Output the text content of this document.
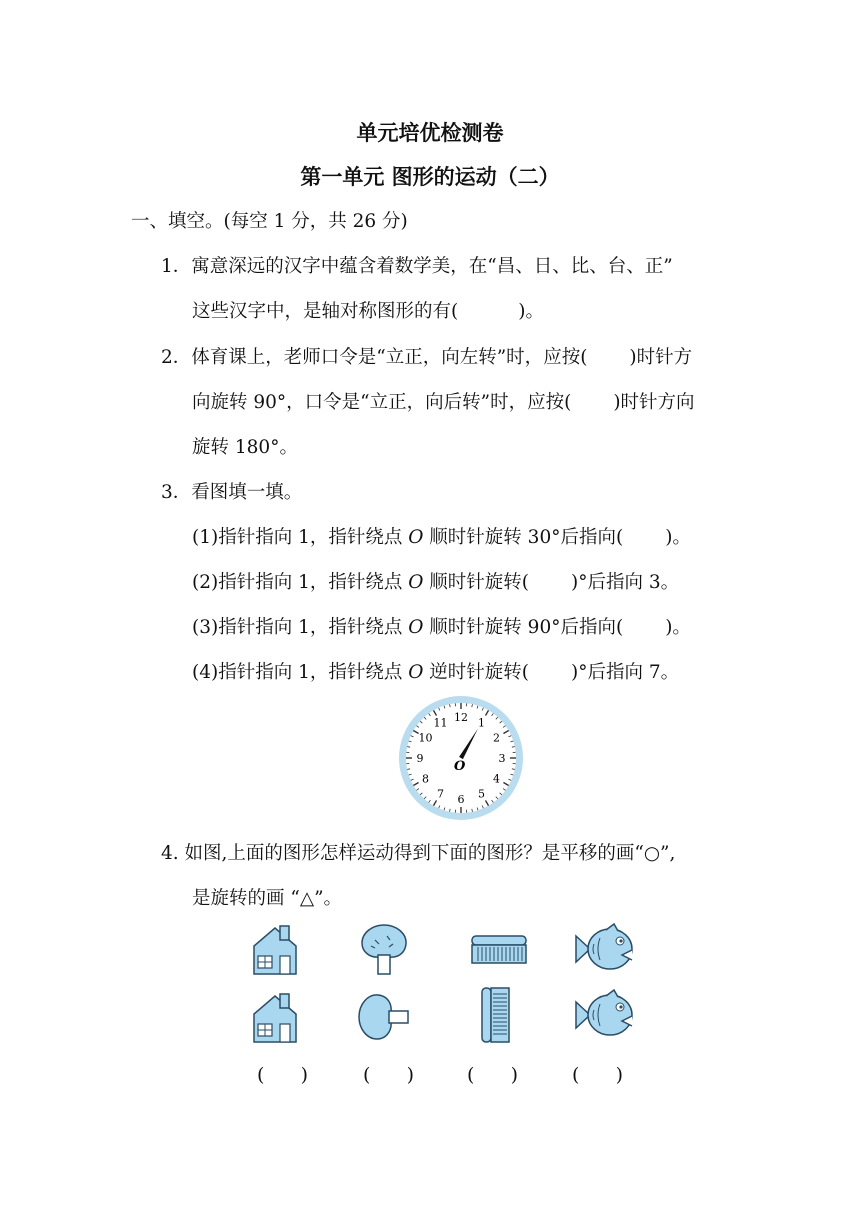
单元培优检测卷
第一单元 图形的运动（二）
一、填空。(每空 1 分，共 26 分)
1．寓意深远的汉字中蕴含着数学美，在“昌、日、比、台、正”
这些汉字中，是轴对称图形的有(	)。
2．体育课上，老师口令是“立正，向左转”时，应按( )时针方
向旋转 90°，口令是“立正，向后转”时，应按( )时针方向
旋转 180°。
3．看图填一填。
(1)指针指向 1，指针绕点 O 顺时针旋转 30°后指向( )。
(2)指针指向 1，指针绕点 O 顺时针旋转( )°后指向 3。
(3)指针指向 1，指针绕点 O 顺时针旋转 90°后指向( )。
(4)指针指向 1，指针绕点 O 逆时针旋转( )°后指向 7。
12 1
2
3
4
5
6
7
8
9
10
11
O
4. 如图,上面的图形怎样运动得到下面的图形？是平移的画“○”,
是旋转的画 “△”。
(      )	(      )	(      )	(      )
